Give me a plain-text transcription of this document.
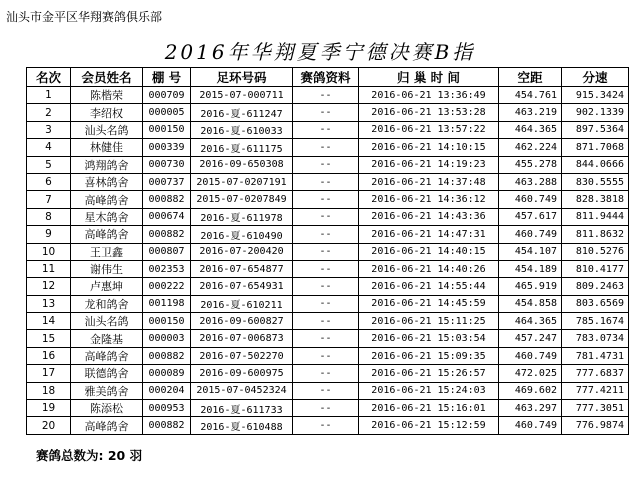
汕头市金平区华翔赛鸽俱乐部
2016年华翔夏季宁德决赛B指
名次	会员姓名	棚 号	足环号码	赛鸽资料	归 巢 时 间	空距	分速
1	陈楷荣	000709	2015-07-000711	--	2016-06-21 13:36:49	454.761	915.3424
2	李绍权	000005	2016-夏-611247	--	2016-06-21 13:53:28	463.219	902.1339
3	汕头名鸽	000150	2016-夏-610033	--	2016-06-21 13:57:22	464.365	897.5364
4	林健佳	000339	2016-夏-611175	--	2016-06-21 14:10:15	462.224	871.7068
5	鸿翔鸽舍	000730	2016-09-650308	--	2016-06-21 14:19:23	455.278	844.0666
6	喜林鸽舍	000737	2015-07-0207191	--	2016-06-21 14:37:48	463.288	830.5555
7	高峰鸽舍	000882	2015-07-0207849	--	2016-06-21 14:36:12	460.749	828.3818
8	星木鸽舍	000674	2016-夏-611978	--	2016-06-21 14:43:36	457.617	811.9444
9	高峰鸽舍	000882	2016-夏-610490	--	2016-06-21 14:47:31	460.749	811.8632
10	王卫鑫	000807	2016-07-200420	--	2016-06-21 14:40:15	454.107	810.5276
11	谢伟生	002353	2016-07-654877	--	2016-06-21 14:40:26	454.189	810.4177
12	卢惠坤	000222	2016-07-654931	--	2016-06-21 14:55:44	465.919	809.2463
13	龙和鸽舍	001198	2016-夏-610211	--	2016-06-21 14:45:59	454.858	803.6569
14	汕头名鸽	000150	2016-09-600827	--	2016-06-21 15:11:25	464.365	785.1674
15	金隆基	000003	2016-07-006873	--	2016-06-21 15:03:54	457.247	783.0734
16	高峰鸽舍	000882	2016-07-502270	--	2016-06-21 15:09:35	460.749	781.4731
17	联德鸽舍	000089	2016-09-600975	--	2016-06-21 15:26:57	472.025	777.6837
18	雅美鸽舍	000204	2015-07-0452324	--	2016-06-21 15:24:03	469.602	777.4211
19	陈添松	000953	2016-夏-611733	--	2016-06-21 15:16:01	463.297	777.3051
20	高峰鸽舍	000882	2016-夏-610488	--	2016-06-21 15:12:59	460.749	776.9874
赛鸽总数为: 20 羽
